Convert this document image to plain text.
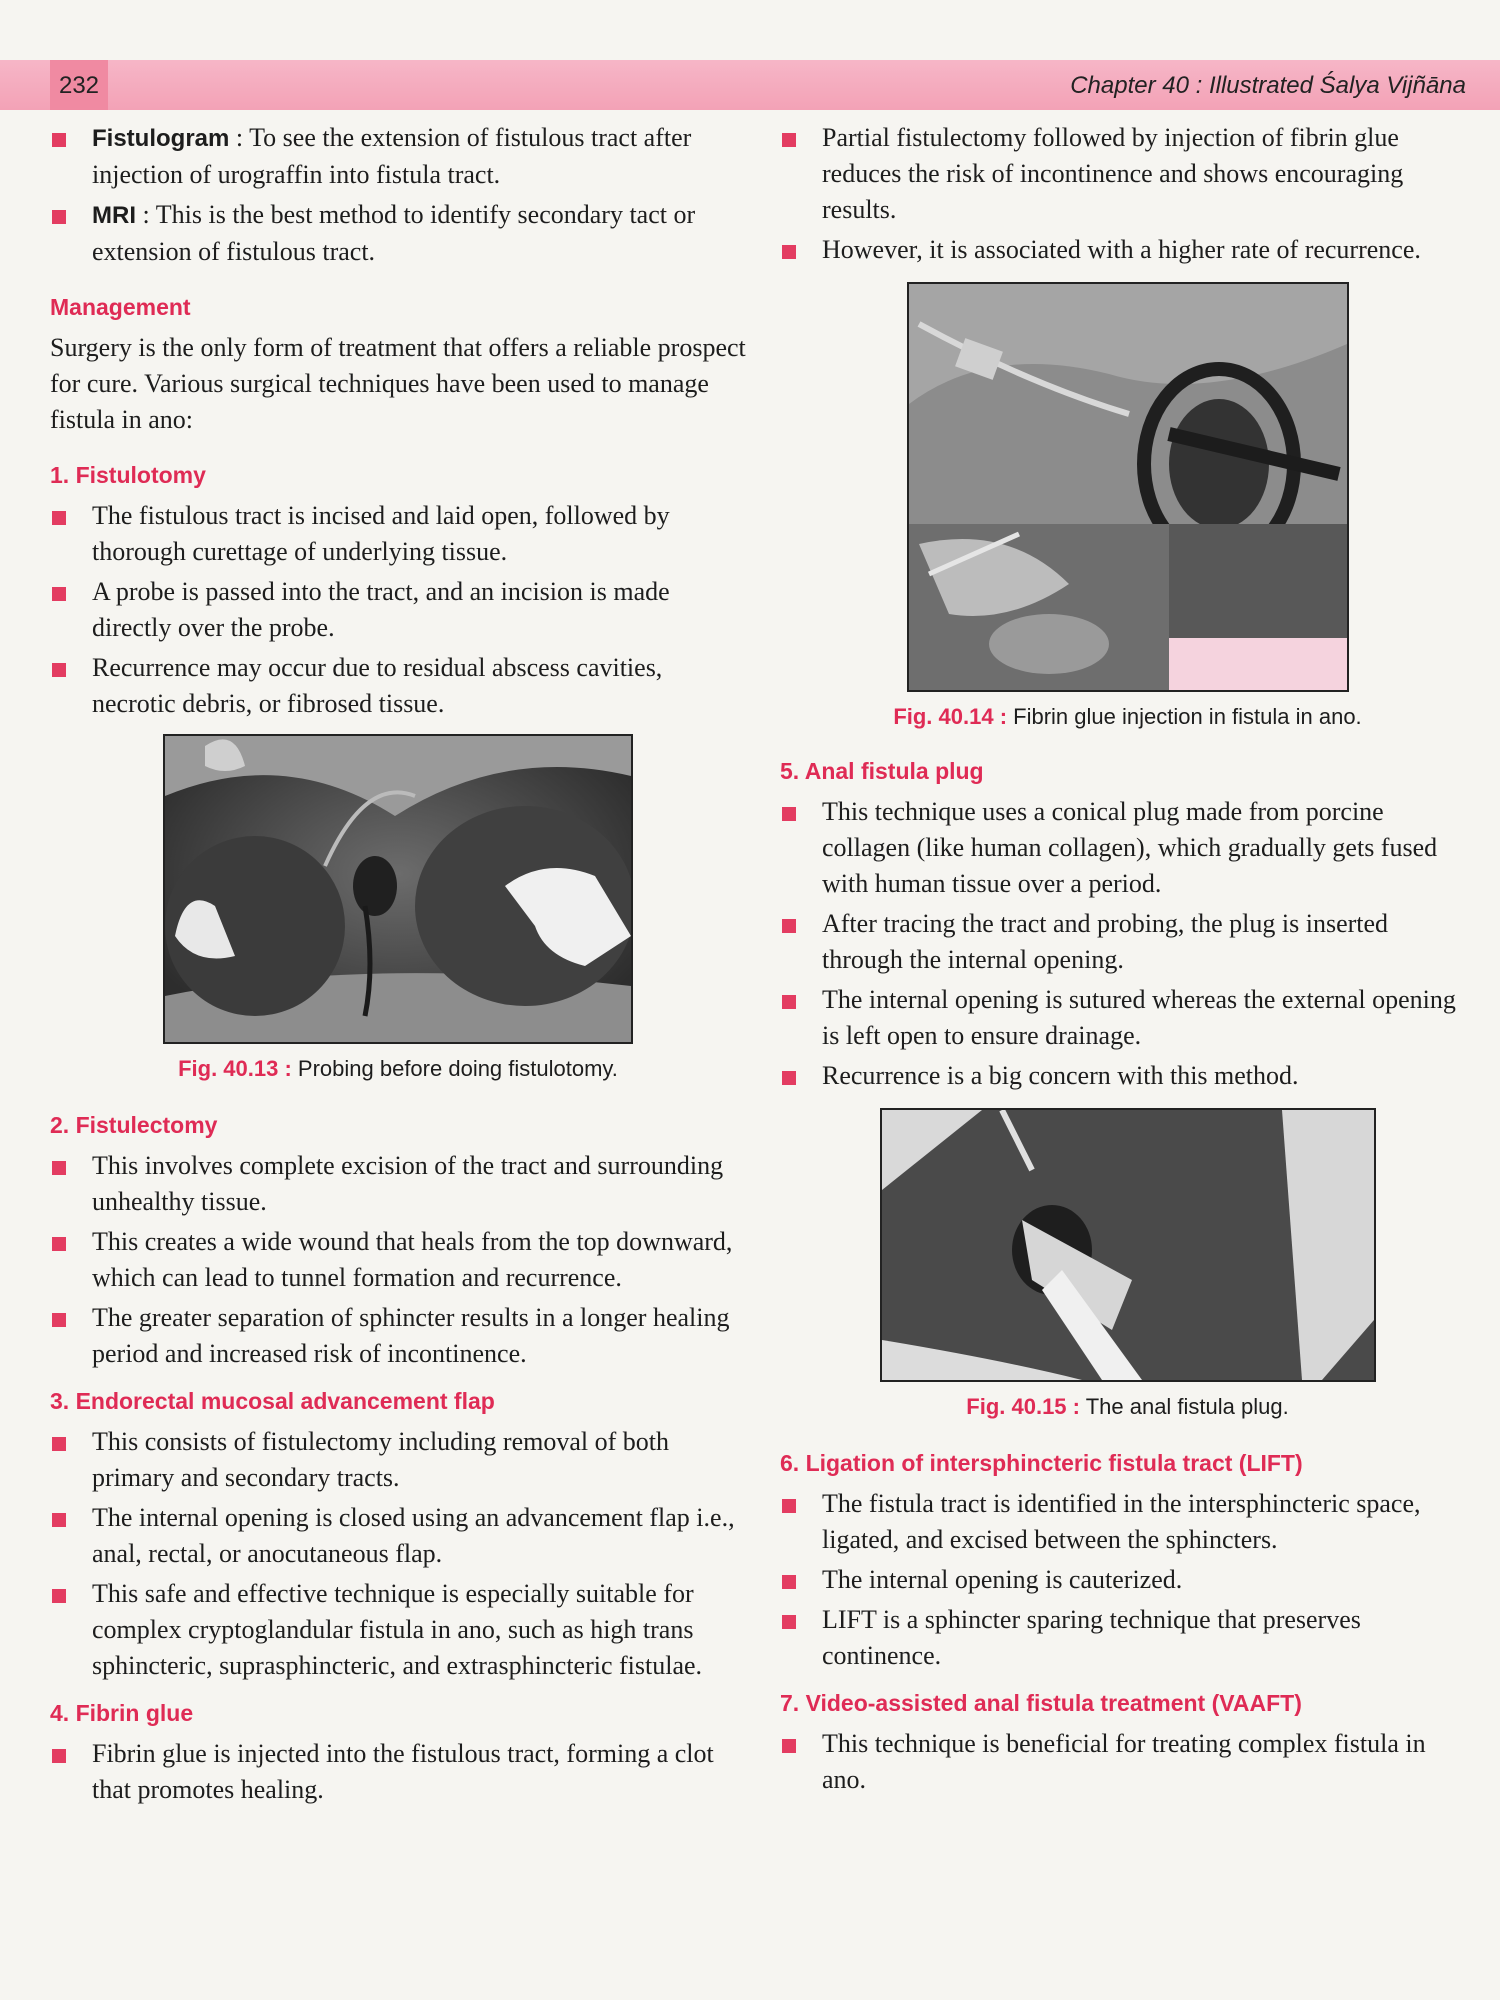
232	Chapter 40 : Illustrated Śalya Vijñāna
Fistulogram : To see the extension of fistulous tract after injection of urograffin into fistula tract.
MRI : This is the best method to identify secondary tact or extension of fistulous tract.
Management

Surgery is the only form of treatment that offers a reliable prospect for cure. Various surgical techniques have been used to manage fistula in ano:

1. Fistulotomy
The fistulous tract is incised and laid open, followed by thorough curettage of underlying tissue.
A probe is passed into the tract, and an incision is made directly over the probe.
Recurrence may occur due to residual abscess cavities, necrotic debris, or fibrosed tissue.

Fig. 40.13 : Probing before doing fistulotomy.

2. Fistulectomy
This involves complete excision of the tract and surrounding unhealthy tissue.
This creates a wide wound that heals from the top downward, which can lead to tunnel formation and recurrence.
The greater separation of sphincter results in a longer healing period and increased risk of incontinence.
3. Endorectal mucosal advancement flap
This consists of fistulectomy including removal of both primary and secondary tracts.
The internal opening is closed using an advancement flap i.e., anal, rectal, or anocutaneous flap.
This safe and effective technique is especially suitable for complex cryptoglandular fistula in ano, such as high trans sphincteric, suprasphincteric, and extrasphincteric fistulae.
4. Fibrin glue
Fibrin glue is injected into the fistulous tract, forming a clot that promotes healing.
Partial fistulectomy followed by injection of fibrin glue reduces the risk of incontinence and shows encouraging results.
However, it is associated with a higher rate of recurrence.

Fig. 40.14 : Fibrin glue injection in fistula in ano.

5. Anal fistula plug
This technique uses a conical plug made from porcine collagen (like human collagen), which gradually gets fused with human tissue over a period.
After tracing the tract and probing, the plug is inserted through the internal opening.
The internal opening is sutured whereas the external opening is left open to ensure drainage.
Recurrence is a big concern with this method.

Fig. 40.15 : The anal fistula plug.

6. Ligation of intersphincteric fistula tract (LIFT)
The fistula tract is identified in the intersphincteric space, ligated, and excised between the sphincters.
The internal opening is cauterized.
LIFT is a sphincter sparing technique that preserves continence.
7. Video-assisted anal fistula treatment (VAAFT)
This technique is beneficial for treating complex fistula in ano.
